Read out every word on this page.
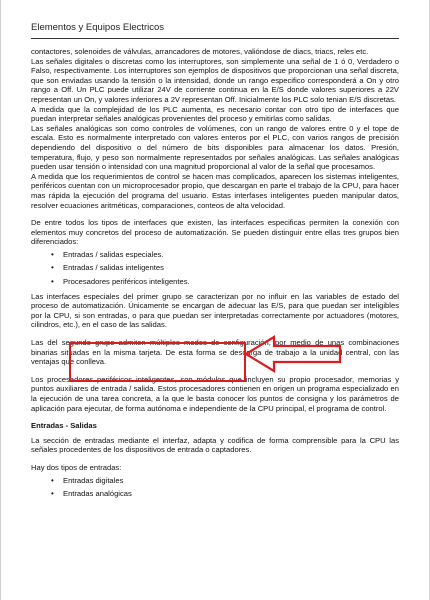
Elementos y Equipos Electricos

contactores, solenoides de válvulas, arrancadores de motores, valióndose de diacs, triacs, reles etc.

Las señales digitales o discretas como los interruptores, son simplemente una señal de 1 ó 0, Verdadero o Falso, respectivamente. Los interruptores son ejemplos de dispositivos que proporcionan una señal discreta, que son enviadas usando la tensión o la intensidad, donde un rango especifico corresponderá a On y otro rango a Off. Un PLC puede utilizar 24V de corriente continua en la E/S donde valores superiores a 22V representan un On, y valores inferiores a 2V representan Off. Inicialmente los PLC solo tenian E/S discretas.

A medida que la complejidad de los PLC aumenta, es necesario contar con otro tipo de interfaces que puedan interpretar señales analógicas provenientes del proceso y emitirlas como salidas.

Las señales analógicas son como controles de volúmenes, con un rango de valores entre 0 y el tope de escala. Esto es normalmente interpretado con valores enteros por el PLC, con varios rangos de precisión dependiendo del dispositivo o del número de bits disponibles para almacenar los datos. Presión, temperatura, flujo, y peso son normalmente representados por señales analógicas. Las señales analógicas pueden usar tensión o intensidad con una magnitud proporcional al valor de la señal que procesamos.

A medida que los requerimientos de control se hacen mas complicados, aparecen los sistemas inteligentes, periféricos cuentan con un microprocesador propio, que descargan en parte el trabajo de la CPU, para hacer mas rápida la ejecución del programa del usuario. Estas interfases inteligentes pueden manipular datos, resolver ecuaciones aritméticas, comparaciones, conteos de alta velocidad.

De entre todos los tipos de interfaces que existen, las interfaces especificas permiten la conexión con elementos muy concretos del proceso de automatización. Se pueden distinguir entre ellas tres grupos bien diferenciados:

• Entradas / salidas especiales.
• Entradas / salidas inteligentes
• Procesadores periféricos inteligentes.

Las interfaces especiales del primer grupo se caracterizan por no influir en las variables de estado del proceso de automatización. Únicamente se encargan de adecuar las E/S, para que puedan ser inteligibles por la CPU, si son entradas, o para que puedan ser interpretadas correctamente por actuadores (motores, cilindros, etc.), en el caso de las salidas.

Las del segundo grupo admiten múltiples modos de configuración, por medio de unas combinaciones binarias situadas en la misma tarjeta. De esta forma se descarga de trabajo a la unidad central, con las ventajas que conlleva.

Los procesadores periféricos inteligentes, son módulos que incluyen su propio procesador, memorias y puntos auxiliares de entrada / salida. Estos procesadores contienen en origen un programa especializado en la ejecución de una tarea concreta, a la que le basta conocer los puntos de consigna y los parámetros de aplicación para ejecutar, de forma autónoma e independiente de la CPU principal, el programa de control.

Entradas - Salidas

La sección de entradas mediante el interfaz, adapta y codifica de forma comprensible para la CPU las señales procedentes de los dispositivos de entrada o captadores.

Hay dos tipos de entradas:

• Entradas digitales
• Entradas analógicas
